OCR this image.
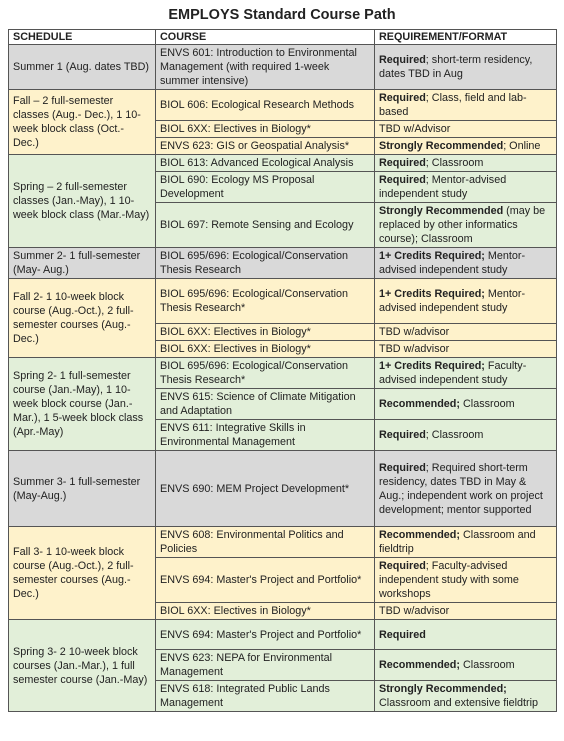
EMPLOYS Standard Course Path
SCHEDULE	COURSE	REQUIREMENT/FORMAT
Summer 1 (Aug. dates TBD)	ENVS 601: Introduction to Environmental Management (with required 1-week summer intensive)	Required; short-term residency, dates TBD in Aug
Fall – 2 full-semester classes (Aug.- Dec.), 1 10-week block class (Oct.- Dec.)	BIOL 606: Ecological Research Methods	Required; Class, field and lab-based
	BIOL 6XX: Electives in Biology*	TBD w/Advisor
	ENVS 623: GIS or Geospatial Analysis*	Strongly Recommended; Online
Spring – 2 full-semester classes (Jan.-May), 1 10-week block class (Mar.-May)	BIOL 613: Advanced Ecological Analysis	Required; Classroom
	BIOL 690: Ecology MS Proposal Development	Required; Mentor-advised independent study
	BIOL 697: Remote Sensing and Ecology	Strongly Recommended (may be replaced by other informatics course); Classroom
Summer 2- 1 full-semester (May- Aug.)	BIOL 695/696: Ecological/Conservation Thesis Research	1+ Credits Required; Mentor-advised independent study
Fall 2- 1 10-week block course (Aug.-Oct.), 2 full-semester courses (Aug.-Dec.)	BIOL 695/696: Ecological/Conservation Thesis Research*	1+ Credits Required; Mentor-advised independent study
	BIOL 6XX: Electives in Biology*	TBD w/advisor
	BIOL 6XX: Electives in Biology*	TBD w/advisor
Spring 2- 1 full-semester course (Jan.-May), 1 10-week block course (Jan.-Mar.), 1 5-week block class (Apr.-May)	BIOL 695/696: Ecological/Conservation Thesis Research*	1+ Credits Required; Faculty-advised independent study
	ENVS 615: Science of Climate Mitigation and Adaptation	Recommended; Classroom
	ENVS 611: Integrative Skills in Environmental Management	Required; Classroom
Summer 3- 1 full-semester (May-Aug.)	ENVS 690: MEM Project Development*	Required; Required short-term residency, dates TBD in May & Aug.; independent work on project development; mentor supported
Fall 3- 1 10-week block course (Aug.-Oct.), 2 full-semester courses (Aug.-Dec.)	ENVS 608: Environmental Politics and Policies	Recommended; Classroom and fieldtrip
	ENVS 694: Master's Project and Portfolio*	Required; Faculty-advised independent study with some workshops
	BIOL 6XX: Electives in Biology*	TBD w/advisor
Spring 3- 2 10-week block courses (Jan.-Mar.), 1 full semester course (Jan.-May)	ENVS 694: Master's Project and Portfolio*	Required
	ENVS 623: NEPA for Environmental Management	Recommended; Classroom
	ENVS 618: Integrated Public Lands Management	Strongly Recommended; Classroom and extensive fieldtrip
